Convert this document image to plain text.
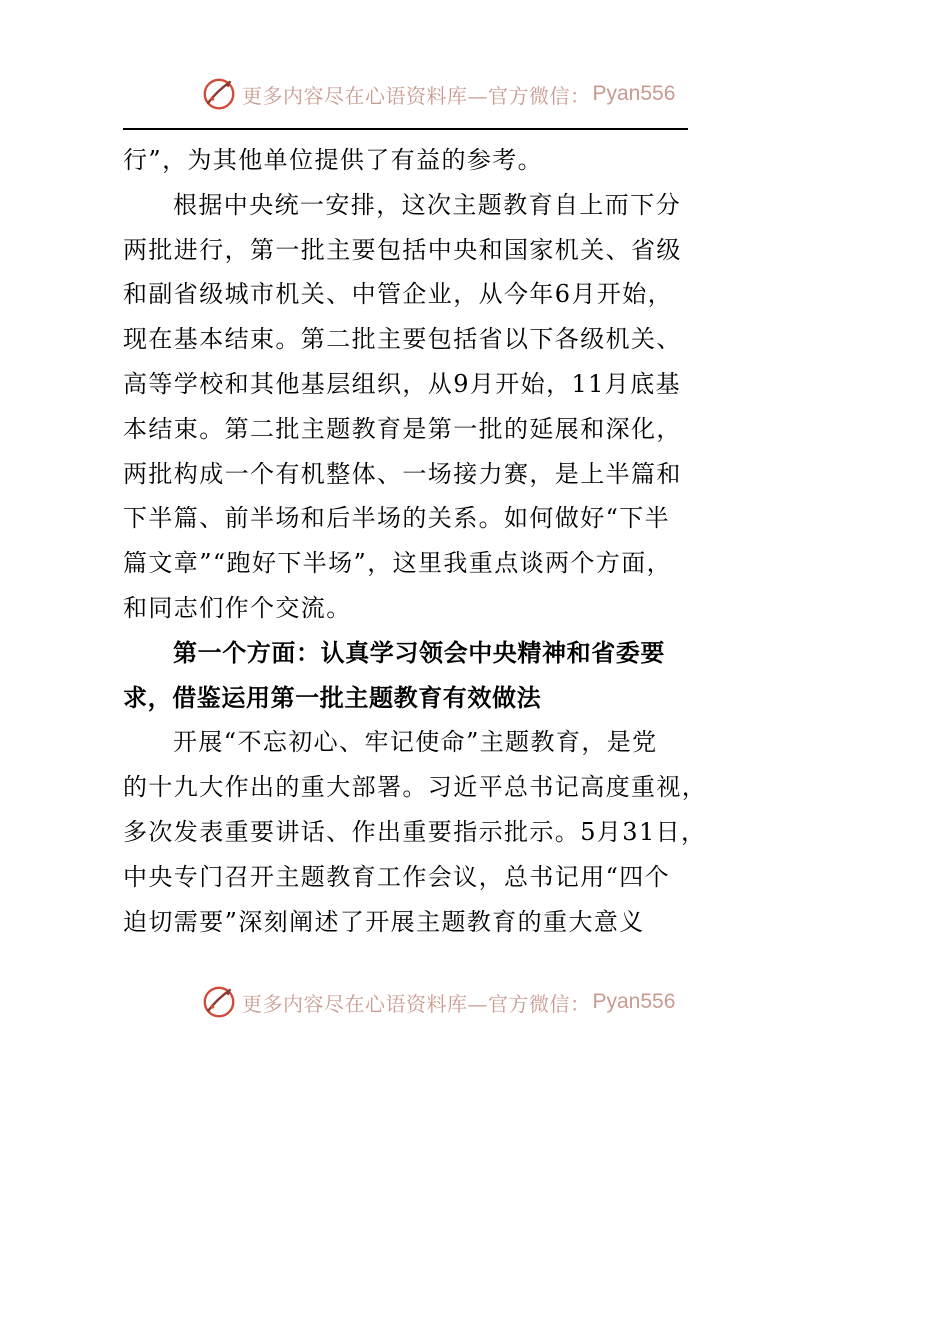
更多内容尽在心语资料库—官方微信： Pyan556
行”，为其他单位提供了有益的参考。
根据中央统一安排，这次主题教育自上而下分
两批进行，第一批主要包括中央和国家机关、省级
和副省级城市机关、中管企业，从今年6月开始，
现在基本结束。第二批主要包括省以下各级机关、
高等学校和其他基层组织，从9月开始，11月底基
本结束。第二批主题教育是第一批的延展和深化，
两批构成一个有机整体、一场接力赛，是上半篇和
下半篇、前半场和后半场的关系。如何做好“下半
篇文章”“跑好下半场”，这里我重点谈两个方面，
和同志们作个交流。
第一个方面：认真学习领会中央精神和省委要
求，借鉴运用第一批主题教育有效做法
开展“不忘初心、牢记使命”主题教育，是党
的十九大作出的重大部署。习近平总书记高度重视，
多次发表重要讲话、作出重要指示批示。5月31日，
中央专门召开主题教育工作会议，总书记用“四个
迫切需要”深刻阐述了开展主题教育的重大意义
更多内容尽在心语资料库—官方微信： Pyan556
